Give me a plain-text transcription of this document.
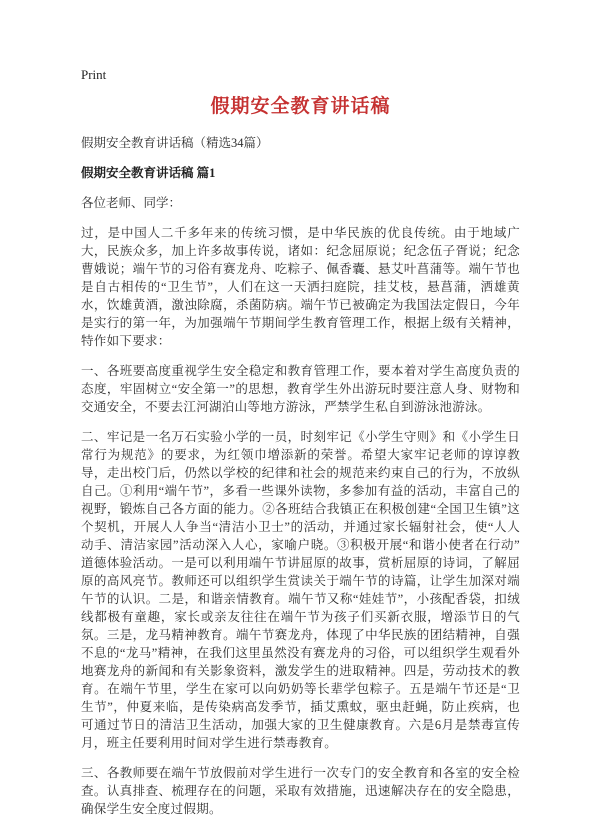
Print
假期安全教育讲话稿

假期安全教育讲话稿（精选34篇）

假期安全教育讲话稿 篇1

各位老师、同学：

过，是中国人二千多年来的传统习惯，是中华民族的优良传统。由于地域广大，民族众多，加上许多故事传说，诸如：纪念屈原说；纪念伍子胥说；纪念曹娥说；端午节的习俗有赛龙舟、吃粽子、佩香囊、悬艾叶菖蒲等。端午节也是自古相传的“卫生节”，人们在这一天洒扫庭院，挂艾枝，悬菖蒲，洒雄黄水，饮雄黄酒，激浊除腐，杀菌防病。端午节已被确定为我国法定假日，今年是实行的第一年，为加强端午节期间学生教育管理工作，根据上级有关精神，特作如下要求：

一、各班要高度重视学生安全稳定和教育管理工作，要本着对学生高度负责的态度，牢固树立“安全第一”的思想，教育学生外出游玩时要注意人身、财物和交通安全，不要去江河湖泊山等地方游泳，严禁学生私自到游泳池游泳。

二、牢记是一名万石实验小学的一员，时刻牢记《小学生守则》和《小学生日常行为规范》的要求，为红领巾增添新的荣誉。希望大家牢记老师的谆谆教导，走出校门后，仍然以学校的纪律和社会的规范来约束自己的行为，不放纵自己。①利用“端午节”，多看一些课外读物，多参加有益的活动，丰富自己的视野，锻炼自己各方面的能力。②各班结合我镇正在积极创建“全国卫生镇”这个契机，开展人人争当“清洁小卫士”的活动，并通过家长辐射社会，使“人人动手、清洁家园”活动深入人心，家喻户晓。③积极开展“和谐小使者在行动”道德体验活动。一是可以利用端午节讲屈原的故事，赏析屈原的诗词，了解屈原的高风亮节。教师还可以组织学生赏读关于端午节的诗篇，让学生加深对端午节的认识。二是，和谐亲情教育。端午节又称“娃娃节”，小孩配香袋，扣绒线都极有童趣，家长或亲友往往在端午节为孩子们买新衣服，增添节日的气氛。三是，龙马精神教育。端午节赛龙舟，体现了中华民族的团结精神，自强不息的“龙马”精神，在我们这里虽然没有赛龙舟的习俗，可以组织学生观看外地赛龙舟的新闻和有关影象资料，激发学生的进取精神。四是，劳动技术的教育。在端午节里，学生在家可以向奶奶等长辈学包粽子。五是端午节还是“卫生节”，仲夏来临，是传染病高发季节，插艾熏蚊，驱虫赶蝇，防止疾病，也可通过节日的清洁卫生活动，加强大家的卫生健康教育。六是6月是禁毒宣传月，班主任要利用时间对学生进行禁毒教育。

三、各教师要在端午节放假前对学生进行一次专门的安全教育和各室的安全检查。认真排查、梳理存在的问题，采取有效措施，迅速解决存在的安全隐患，确保学生安全度过假期。
